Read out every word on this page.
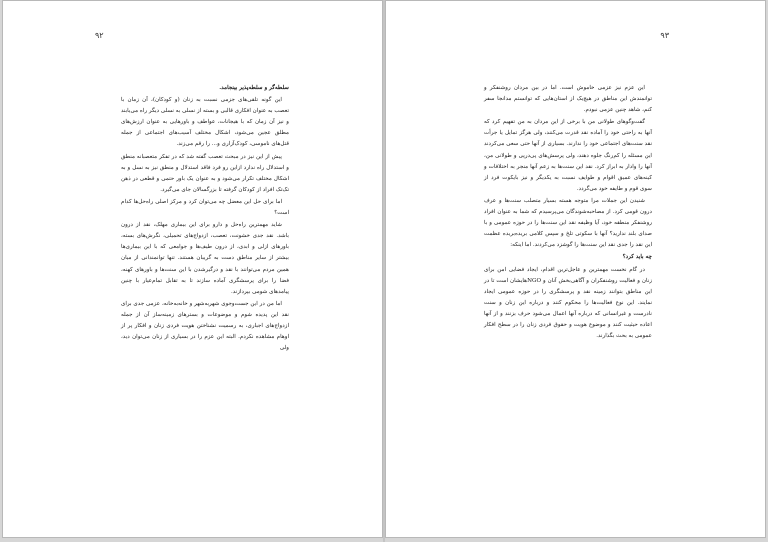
۹۲

سلطه‌گر و سلطه‌پذیر بینجامد.

این گونه تلقی‌های جزمی نسبت به زنان (و کودکان)، آن زمان با تعصب به عنوان افکاری قالبی و بسته از نسلی به نسلی دیگر راه می‌یابند و نیز آن زمان که با هیجانات، عواطف و باورهایی به عنوان ارزش‌های مطلق عجین می‌شود، اشکال مختلف آسیب‌های اجتماعی از جمله قتل‌های ناموسی، کودک‌آزاری و... را رقم می‌زند.

پیش از این نیز در مبحث تعصب گفته شد که در تفکر متعصبانه منطق و استدلال راه ندارد ازاین رو فرد فاقد استدلال و منطق نیز به نسل و به اشکال مختلف تکرار می‌شود و به عنوان یک باور حتمی و قطعی در ذهن تک‌تک افراد از کودکان گرفته تا بزرگسالان جای می‌گیرد.

اما برای حل این معضل چه می‌توان کرد و مرکز اصلی راه‌حل‌ها کدام است؟

شاید مهمترین راه‌حل و دارو برای این بیماری مهلک، نقد از درون باشد. نقد جدی خشونت، تعصب، ازدواج‌های تحمیلی، نگرش‌های بسته، باورهای ازلی و ابدی، از درون طیف‌ها و جوامعی که با این بیماری‌ها بیشتر از سایر مناطق دست به گریبان هستند. تنها توانمندانی از میان همین مردم می‌توانند با نقد و درگیرشدن با این سنت‌ها و باورهای کهنه، فضا را برای پرسشگری آماده سازند تا به تقابل تمام‌عیار با چنین پیامدهای شومی بپردازند.

اما من در این جست‌وجوی شهربه‌شهر و خانه‌به‌خانه، عزمی جدی برای نقد این پدیده شوم و موضوعات و بسترهای زمینه‌ساز آن از جمله ازدواج‌های اجباری، به رسمیت نشناختن هویت فردی زنان و افکار پر از اوهام مشاهده نکردم. البته این عزم را در بسیاری از زنان می‌توان دید، ولی

۹۳

این عزم نیز عزمی خاموش است. اما در بین مردان روشنفکر و توانمندش این مناطق در هیچ‌یک از استان‌هایی که توانستم مدانجا سفر کنم، شاهد چنین عزمی نبودم.

گفت‌وگوهای طولانی من با برخی از این مردان به من تفهیم کرد که آنها به راحتی خود را آماده نقد قدرت می‌کنند، ولی هرگز تمایل یا جرأت نقد سنت‌های اجتماعی خود را ندارند. بسیاری از آنها حتی سعی می‌کردند این مسئله را کم‌رنگ جلوه دهند، ولی پرسش‌های پی‌درپی و طولانی من، آنها را وادار به ابراز کرد. نقد این سنت‌ها به زعم آنها منجر به اختلافات و کینه‌های عمیق اقوام و طوایف نسبت به یکدیگر و نیز بایکوت فرد از سوی قوم و طایفه خود می‌گردد.

شنیدن این جملات مرا متوجه هسته بسیار متصلب سنت‌ها و عرف درون قومی کرد. از مصاحبه‌شوندگان می‌پرسیدم که شما به عنوان افراد روشنفکر منطقه خود، آیا وظیفه نقد این سنت‌ها را در حوزه عمومی و با صدای بلند ندارید؟ آنها با سکوتی تلخ و سپس کلامی بریده‌بریده عظمت این نقد را جدی نقد این سنت‌ها را گوشزد می‌کردند. اما اینکه:

چه باید کرد؟

در گام نخست مهمترین و عاجل‌ترین اقدام، ایجاد فضایی امن برای زنان و فعالیت روشنفکران و آگاهی‌بخش آنان و NGOهایشان است تا در این مناطق بتوانند زمینه نقد و پرسشگری را در حوزه عمومی ایجاد نمایند. این نوع فعالیت‌ها را محکوم کنند و درباره این زنان و سنت نادرست و غیرانسانی که درباره آنها اعمال می‌شود حرف بزنند و از آنها اعاده حیثیت کنند و موضوع هویت و حقوق فردی زنان را در سطح افکار عمومی به بحث بگذارند.
